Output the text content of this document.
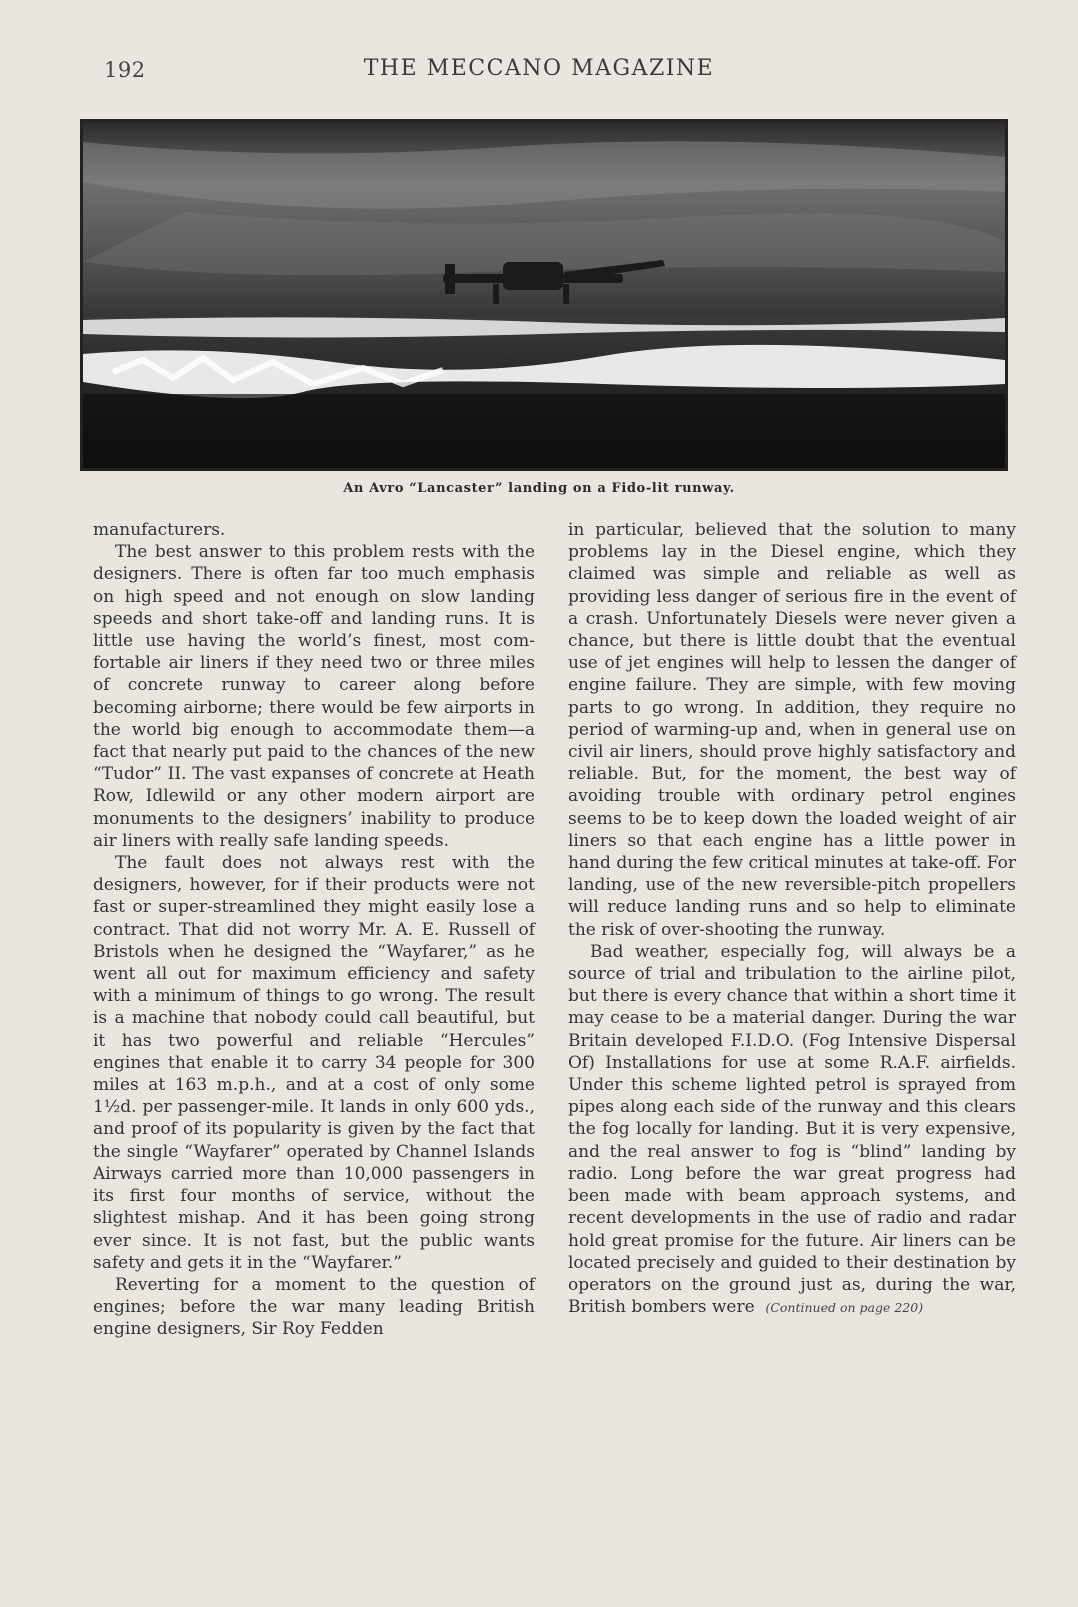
192	THE MECCANO MAGAZINE
An Avro “Lancaster” landing on a Fido-lit runway.

manufacturers.

The best answer to this problem rests with the designers. There is often far too much emphasis on high speed and not enough on slow landing speeds and short take-off and landing runs. It is little use having the world’s finest, most com-fortable air liners if they need two or three miles of concrete runway to career along before becoming airborne; there would be few airports in the world big enough to accommodate them—a fact that nearly put paid to the chances of the new “Tudor” II. The vast expanses of concrete at Heath Row, Idlewild or any other modern airport are monuments to the designers’ inability to produce air liners with really safe landing speeds.

The fault does not always rest with the designers, however, for if their products were not fast or super-streamlined they might easily lose a contract. That did not worry Mr. A. E. Russell of Bristols when he designed the “Wayfarer,” as he went all out for maximum efficiency and safety with a minimum of things to go wrong. The result is a machine that nobody could call beautiful, but it has two powerful and reliable “Hercules” engines that enable it to carry 34 people for 300 miles at 163 m.p.h., and at a cost of only some 1½d. per passenger-mile. It lands in only 600 yds., and proof of its popularity is given by the fact that the single “Wayfarer” operated by Channel Islands Airways carried more than 10,000 passengers in its first four months of service, without the slightest mishap. And it has been going strong ever since. It is not fast, but the public wants safety and gets it in the “Wayfarer.”

Reverting for a moment to the question of engines; before the war many leading British engine designers, Sir Roy Fedden

in particular, believed that the solution to many problems lay in the Diesel engine, which they claimed was simple and reliable as well as providing less danger of serious fire in the event of a crash. Unfortunately Diesels were never given a chance, but there is little doubt that the eventual use of jet engines will help to lessen the danger of engine failure. They are simple, with few moving parts to go wrong. In addition, they require no period of warming-up and, when in general use on civil air liners, should prove highly satisfactory and reliable. But, for the moment, the best way of avoiding trouble with ordinary petrol engines seems to be to keep down the loaded weight of air liners so that each engine has a little power in hand during the few critical minutes at take-off. For landing, use of the new reversible-pitch propellers will reduce landing runs and so help to eliminate the risk of over-shooting the runway.

Bad weather, especially fog, will always be a source of trial and tribulation to the airline pilot, but there is every chance that within a short time it may cease to be a material danger. During the war Britain developed F.I.D.O. (Fog Intensive Dispersal Of) Installations for use at some R.A.F. airfields. Under this scheme lighted petrol is sprayed from pipes along each side of the runway and this clears the fog locally for landing. But it is very expensive, and the real answer to fog is “blind” landing by radio. Long before the war great progress had been made with beam approach systems, and recent developments in the use of radio and radar hold great promise for the future. Air liners can be located precisely and guided to their destination by operators on the ground just as, during the war, British bombers were (Continued on page 220)
